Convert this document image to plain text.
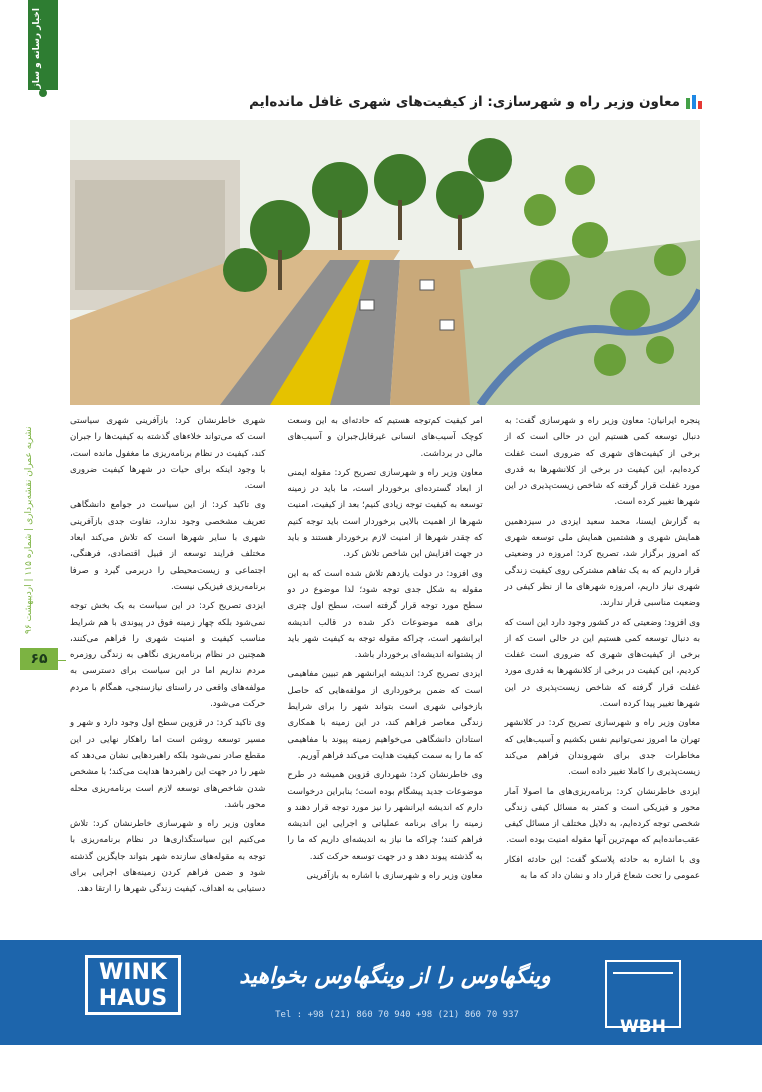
اخبار رسانه و ساز
نشریه عمران نقشه‌برداری | شماره ۱۱۵ | اردیبهشت ۹۶
۶۵
معاون وزیر راه و شهرسازی: از کیفیت‌های شهری غافل مانده‌ایم

پنجره ایرانیان: معاون وزیر راه و شهرسازی گفت: به دنبال توسعه کمی هستیم این در حالی است که از برخی از کیفیت‌های شهری که ضروری است غفلت کرده‌ایم، این کیفیت در برخی از کلانشهرها به قدری مورد غفلت قرار گرفته که شاخص زیست‌پذیری در این شهرها تغییر کرده است.

به گزارش ایسنا، محمد سعید ایزدی در سیزدهمین همایش شهری و هشتمین همایش ملی توسعه شهری که امروز برگزار شد، تصریح کرد: امروزه در وضعیتی قرار داریم که به یک تفاهم مشترکی روی کیفیت زندگی شهری نیاز داریم، امروزه شهرهای ما از نظر کیفی در وضعیت مناسبی قرار ندارند.

وی افزود: وضعیتی که در کشور وجود دارد این است که به دنبال توسعه کمی هستیم این در حالی است که از برخی از کیفیت‌های شهری که ضروری است غفلت کردیم، این کیفیت در برخی از کلانشهرها به قدری مورد غفلت قرار گرفته که شاخص زیست‌پذیری در این شهرها تغییر پیدا کرده است.

معاون وزیر راه و شهرسازی تصریح کرد: در کلانشهر تهران ما امروز نمی‌توانیم نفس بکشیم و آسیب‌هایی که مخاطرات جدی برای شهروندان فراهم می‌کند زیست‌پذیری را کاملا تغییر داده است.

ایزدی خاطرنشان کرد: برنامه‌ریزی‌های ما اصولا آمار محور و فیزیکی است و کمتر به مسائل کیفی زندگی شخصی توجه کرده‌ایم، به دلایل مختلف از مسائل کیفی عقب‌مانده‌ایم که مهم‌ترین آنها مقوله امنیت بوده است.

وی با اشاره به حادثه پلاسکو گفت: این حادثه افکار عمومی را تحت شعاع قرار داد و نشان داد که ما به

امر کیفیت کم‌توجه هستیم که حادثه‌ای به این وسعت کوچک آسیب‌های انسانی غیرقابل‌جبران و آسیب‌های مالی در برداشت.

معاون وزیر راه و شهرسازی تصریح کرد: مقوله ایمنی از ابعاد گسترده‌ای برخوردار است، ما باید در زمینه توسعه به کیفیت توجه زیادی کنیم؛ بعد از کیفیت، امنیت شهرها از اهمیت بالایی برخوردار است باید توجه کنیم که چقدر شهرها از امنیت لازم برخوردار هستند و باید در جهت افزایش این شاخص تلاش کرد.

وی افزود: در دولت یازدهم تلاش شده است که به این مقوله به شکل جدی توجه شود؛ لذا موضوع در دو سطح مورد توجه قرار گرفته است، سطح اول چتری برای همه موضوعات ذکر شده در قالب اندیشه ایرانشهر است، چراکه مقوله توجه به کیفیت شهر باید از پشتوانه اندیشه‌ای برخوردار باشد.

ایزدی تصریح کرد: اندیشه ایرانشهر هم تبیین مفاهیمی است که ضمن برخورداری از مولفه‌هایی که حاصل بازخوانی شهری است بتواند شهر را برای شرایط زندگی معاصر فراهم کند، در این زمینه با همکاری استادان دانشگاهی می‌خواهیم زمینه پیوند با مفاهیمی که ما را به سمت کیفیت هدایت می‌کند فراهم آوریم.

وی خاطرنشان کرد: شهرداری قزوین همیشه در طرح موضوعات جدید پیشگام بوده است؛ بنابراین درخواست دارم که اندیشه ایرانشهر را نیز مورد توجه قرار دهند و زمینه را برای برنامه عملیاتی و اجرایی این اندیشه فراهم کنند؛ چراکه ما نیاز به اندیشه‌ای داریم که ما را به گذشته پیوند دهد و در جهت توسعه حرکت کند.

معاون وزیر راه و شهرسازی با اشاره به بازآفرینی

شهری خاطرنشان کرد: بازآفرینی شهری سیاستی است که می‌تواند خلاءهای گذشته به کیفیت‌ها را جبران کند، کیفیت در نظام برنامه‌ریزی ما مغفول مانده است، با وجود اینکه برای حیات در شهرها کیفیت ضروری است.

وی تاکید کرد: از این سیاست در جوامع دانشگاهی تعریف مشخصی وجود ندارد، تفاوت جدی بازآفرینی شهری با سایر شهرها است که تلاش می‌کند ابعاد مختلف فرایند توسعه از قبیل اقتصادی، فرهنگی، اجتماعی و زیست‌محیطی را دربرمی گیرد و صرفا برنامه‌ریزی فیزیکی نیست.

ایزدی تصریح کرد: در این سیاست به یک بخش توجه نمی‌شود بلکه چهار زمینه فوق در پیوندی با هم شرایط مناسب کیفیت و امنیت شهری را فراهم می‌کنند، همچنین در نظام برنامه‌ریزی نگاهی به زندگی روزمره مردم نداریم اما در این سیاست برای دسترسی به مولفه‌های واقعی در راستای نیازسنجی، همگام با مردم حرکت می‌شود.

وی تاکید کرد: در قزوین سطح اول وجود دارد و شهر و مسیر توسعه روشن است اما راهکار نهایی در این مقطع صادر نمی‌شود بلکه راهبردهایی نشان می‌دهد که شهر را در جهت این راهبردها هدایت می‌کند؛ با مشخص شدن شاخص‌های توسعه لازم است برنامه‌ریزی محله محور باشد.

معاون وزیر راه و شهرسازی خاطرنشان کرد: تلاش می‌کنیم این سیاستگذاری‌ها در نظام برنامه‌ریزی با توجه به مقوله‌های سازنده شهر بتواند جایگزین گذشته شود و ضمن فراهم کردن زمینه‌های اجرایی برای دستیابی به اهداف، کیفیت زندگی شهرها را ارتقا دهد.

WINK HAUS
وینگهاوس را از وینگهاوس بخواهید
Tel : +98 (21) 860 70 940 +98 (21) 860 70 937
WBH
